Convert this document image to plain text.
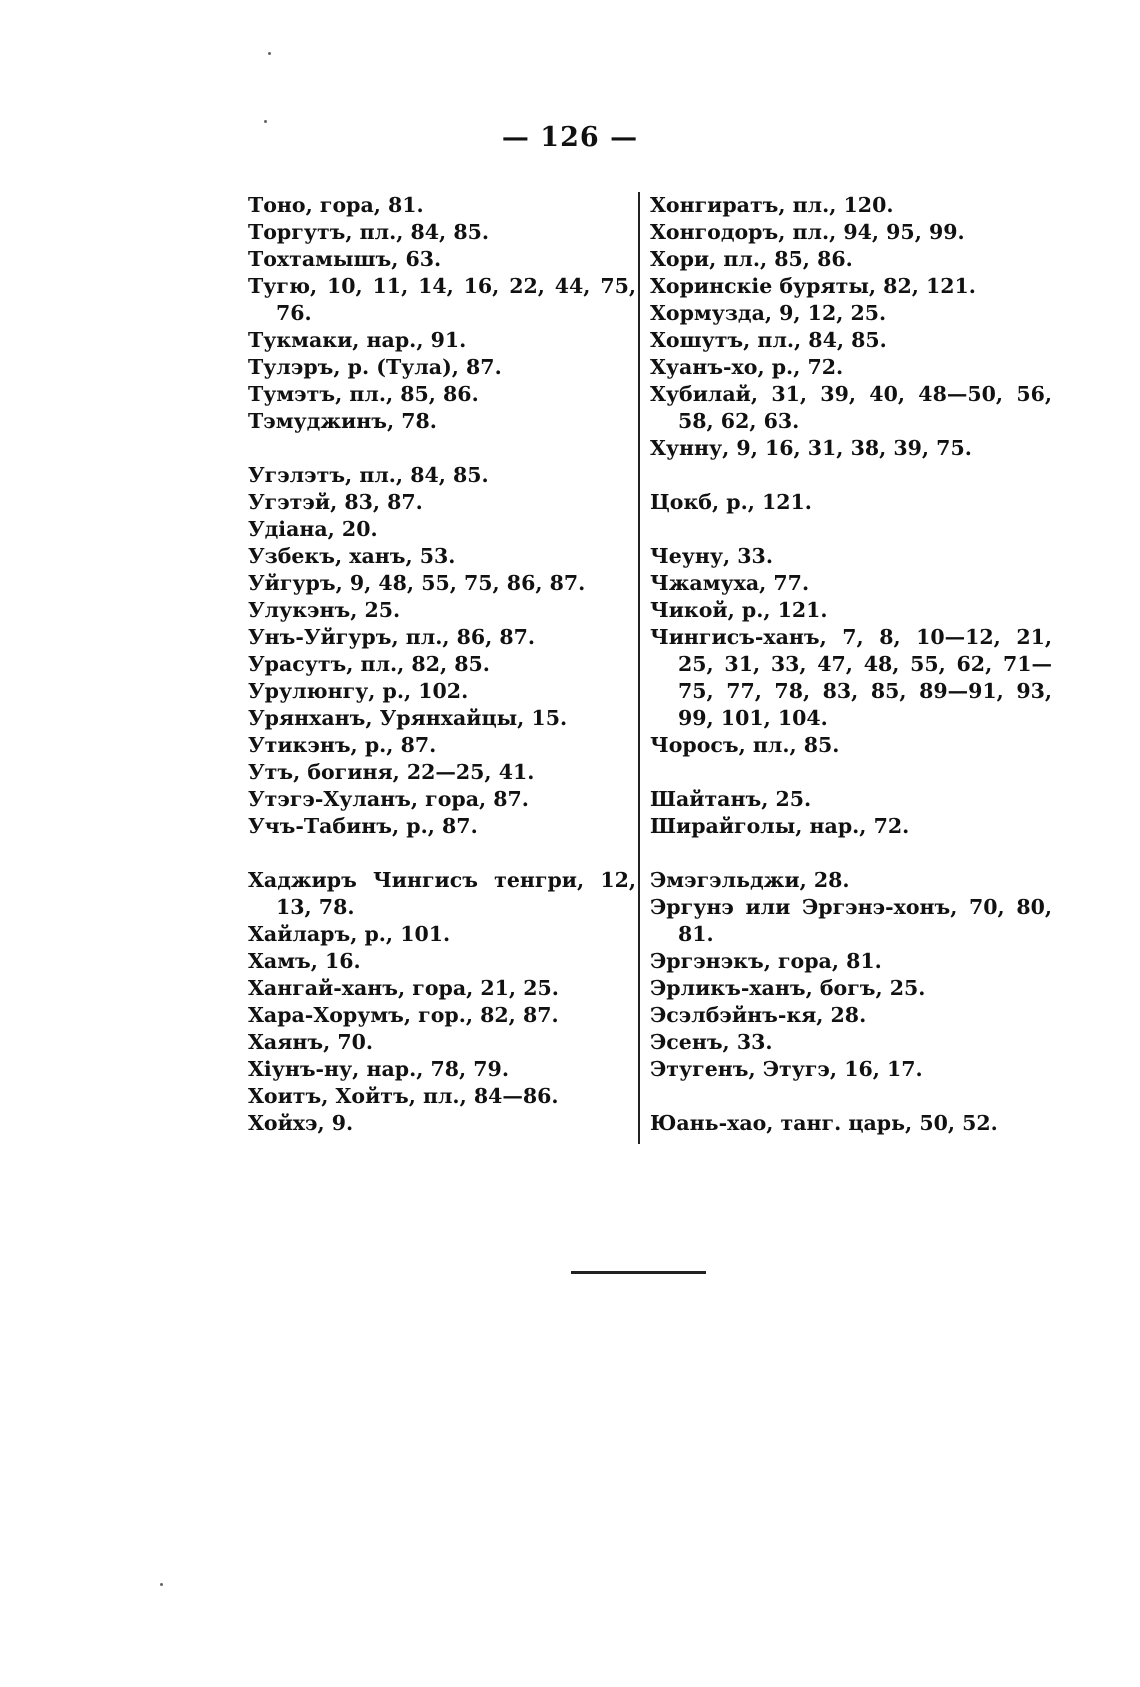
— 126 —
Тоно, гора, 81.
Торгутъ, пл., 84, 85.
Тохтамышъ, 63.
Тугю, 10, 11, 14, 16, 22, 44, 75, 76.
Тукмаки, нар., 91.
Тулэръ, р. (Тула), 87.
Тумэтъ, пл., 85, 86.
Тэмуджинъ, 78.
Угэлэтъ, пл., 84, 85.
Угэтэй, 83, 87.
Удіана, 20.
Узбекъ, ханъ, 53.
Уйгуръ, 9, 48, 55, 75, 86, 87.
Улукэнъ, 25.
Унъ-Уйгуръ, пл., 86, 87.
Урасутъ, пл., 82, 85.
Урулюнгу, р., 102.
Урянханъ, Урянхайцы, 15.
Утикэнъ, р., 87.
Утъ, богиня, 22—25, 41.
Утэгэ-Хуланъ, гора, 87.
Учъ-Табинъ, р., 87.
Хаджиръ Чингисъ тенгри, 12, 13, 78.
Хайларъ, р., 101.
Хамъ, 16.
Хангай-ханъ, гора, 21, 25.
Хара-Хорумъ, гор., 82, 87.
Хаянъ, 70.
Хіунъ-ну, нар., 78, 79.
Хоитъ, Хойтъ, пл., 84—86.
Хойхэ, 9.
Хонгиратъ, пл., 120.
Хонгодоръ, пл., 94, 95, 99.
Хори, пл., 85, 86.
Хоринскіе буряты, 82, 121.
Хормузда, 9, 12, 25.
Хошутъ, пл., 84, 85.
Хуанъ-хо, р., 72.
Хубилай, 31, 39, 40, 48—50, 56, 58, 62, 63.
Хунну, 9, 16, 31, 38, 39, 75.
Цокб, р., 121.
Чеуну, 33.
Чжамуха, 77.
Чикой, р., 121.
Чингисъ-ханъ, 7, 8, 10—12, 21, 25, 31, 33, 47, 48, 55, 62, 71—75, 77, 78, 83, 85, 89—91, 93, 99, 101, 104.
Чоросъ, пл., 85.
Шайтанъ, 25.
Ширайголы, нар., 72.
Эмэгэльджи, 28.
Эргунэ или Эргэнэ-хонъ, 70, 80, 81.
Эргэнэкъ, гора, 81.
Эрликъ-ханъ, богъ, 25.
Эсэлбэйнъ-кя, 28.
Эсенъ, 33.
Этугенъ, Этугэ, 16, 17.
Юань-хао, танг. царь, 50, 52.
